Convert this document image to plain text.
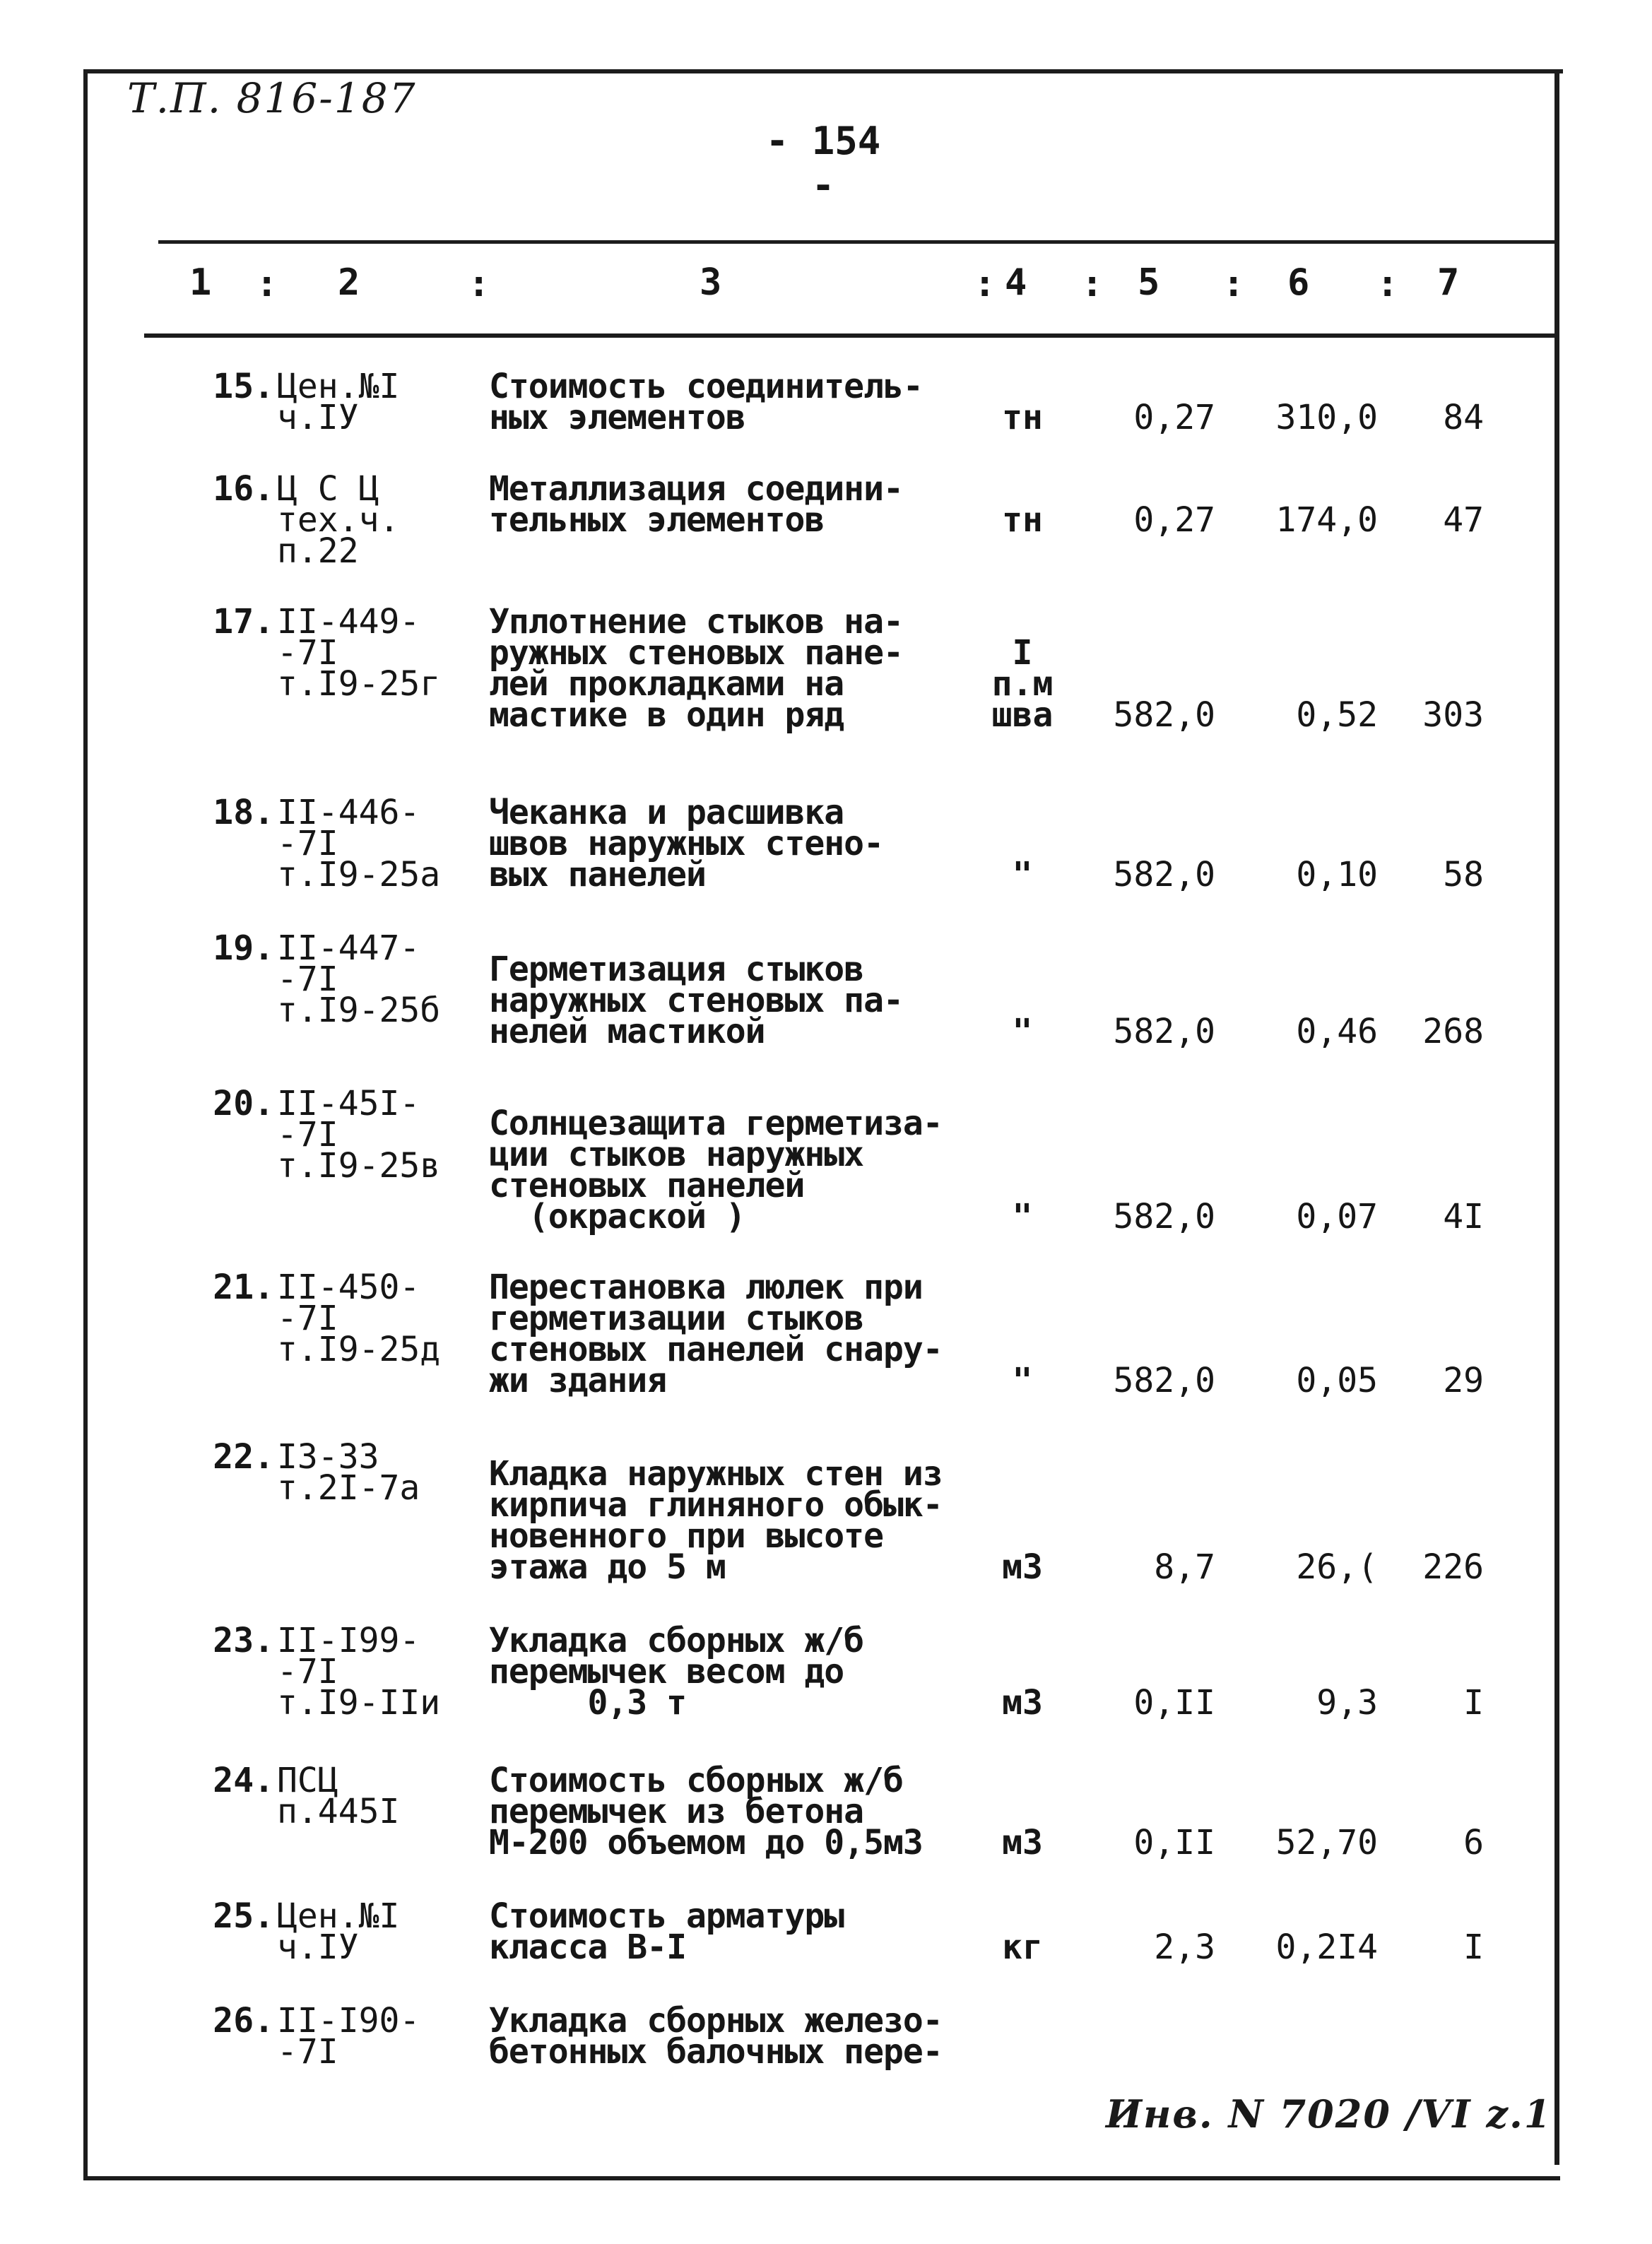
Т.П. 816-187
- 154 -
1 : 2	:	3	: 4 : 5 : 6 : 7
15. Цен.№I
ч.IУ
Стоимость соединитель-
ных элементов	тн	0,27	310,0	84
16. Ц С Ц
тех.ч.
п.22
Металлизация соедини-
тельных элементов	тн	0,27	174,0	47
17. II-449-
-7I
т.I9-25г
Уплотнение стыков на-
ружных стеновых пане-
лей прокладками на
мастике в один ряд
I
п.м
шва	582,0	0,52	303
18. II-446-
-7I
т.I9-25а
Чеканка и расшивка
швов наружных стено-
вых панелей	"	582,0	0,10	58
19. II-447-
-7I
т.I9-25б
Герметизация стыков
наружных стеновых па-
нелей мастикой	"	582,0	0,46	268
20. II-45I-
-7I
т.I9-25в
Солнцезащита герметиза-
ции стыков наружных
стеновых панелей
(окраской )	"	582,0	0,07	4I
21. II-450-
-7I
т.I9-25д
Перестановка люлек при
герметизации стыков
стеновых панелей снару-
жи здания	"	582,0	0,05	29
22. I3-33
т.2I-7а	Кладка наружных стен из
кирпича глиняного обык-
новенного при высоте
этажа до 5 м	м3	8,7	26,(	226
23. II-I99-
-7I
т.I9-IIи
Укладка сборных ж/б
перемычек весом до
0,3 т	м3	0,II	9,3	I
24. ПСЦ
п.445I
Стоимость сборных ж/б
перемычек из бетона
М-200 объемом до 0,5м3	м3	0,II	52,70	6
25. Цен.№I
ч.IУ
Стоимость арматуры
класса В-I	кг	2,3	0,2I4	I
26. II-I90-
-7I
Укладка сборных железо-
бетонных балочных пере-
Инв. N 7020 /VI z.1
